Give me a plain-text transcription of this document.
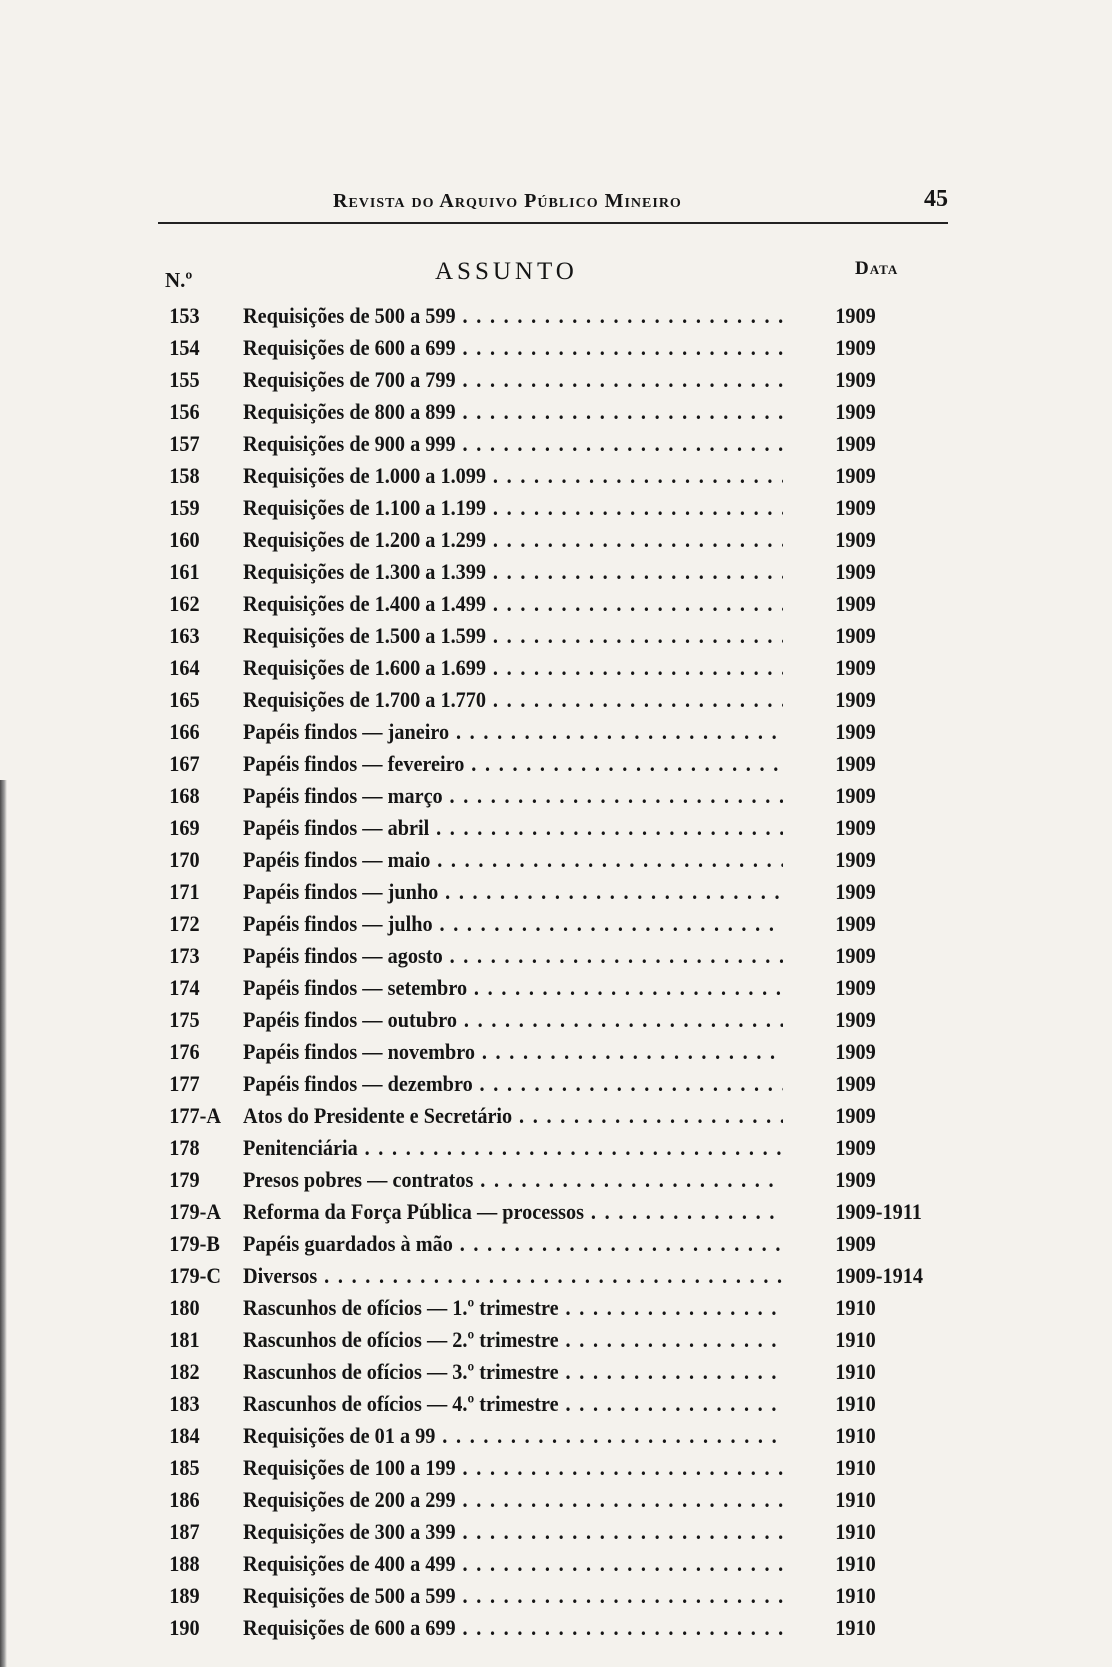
Revista do Arquivo Público Mineiro	45
N.º	ASSUNTO	Data
153 Requisições de 500 a 599 . . .	1909
154 Requisições de 600 a 699 . . .	1909
155 Requisições de 700 a 799 . . .	1909
156 Requisições de 800 a 899 . . .	1909
157 Requisições de 900 a 999 . . .	1909
158 Requisições de 1.000 a 1.099 . . .	1909
159 Requisições de 1.100 a 1.199 . . .	1909
160 Requisições de 1.200 a 1.299 . . .	1909
161 Requisições de 1.300 a 1.399 . . .	1909
162 Requisições de 1.400 a 1.499 . . .	1909
163 Requisições de 1.500 a 1.599 . . .	1909
164 Requisições de 1.600 a 1.699 . . .	1909
165 Requisições de 1.700 a 1.770 . . .	1909
166 Papéis findos — janeiro . . .	1909
167 Papéis findos — fevereiro . . .	1909
168 Papéis findos — março . . .	1909
169 Papéis findos — abril . . .	1909
170 Papéis findos — maio . . .	1909
171 Papéis findos — junho . . .	1909
172 Papéis findos — julho . . .	1909
173 Papéis findos — agosto . . .	1909
174 Papéis findos — setembro . . .	1909
175 Papéis findos — outubro . . .	1909
176 Papéis findos — novembro . . .	1909
177 Papéis findos — dezembro . . .	1909
177-A Atos do Presidente e Secretário . . .	1909
178 Penitenciária . . .	1909
179 Presos pobres — contratos . . .	1909
179-A Reforma da Força Pública — processos . . .	1909-1911
179-B Papéis guardados à mão . . .	1909
179-C Diversos . . .	1909-1914
180 Rascunhos de ofícios — 1.º trimestre . . .	1910
181 Rascunhos de ofícios — 2.º trimestre . . .	1910
182 Rascunhos de ofícios — 3.º trimestre . . .	1910
183 Rascunhos de ofícios — 4.º trimestre . . .	1910
184 Requisições de 01 a 99 . . .	1910
185 Requisições de 100 a 199 . . .	1910
186 Requisições de 200 a 299 . . .	1910
187 Requisições de 300 a 399 . . .	1910
188 Requisições de 400 a 499 . . .	1910
189 Requisições de 500 a 599 . . .	1910
190 Requisições de 600 a 699 . . .	1910
